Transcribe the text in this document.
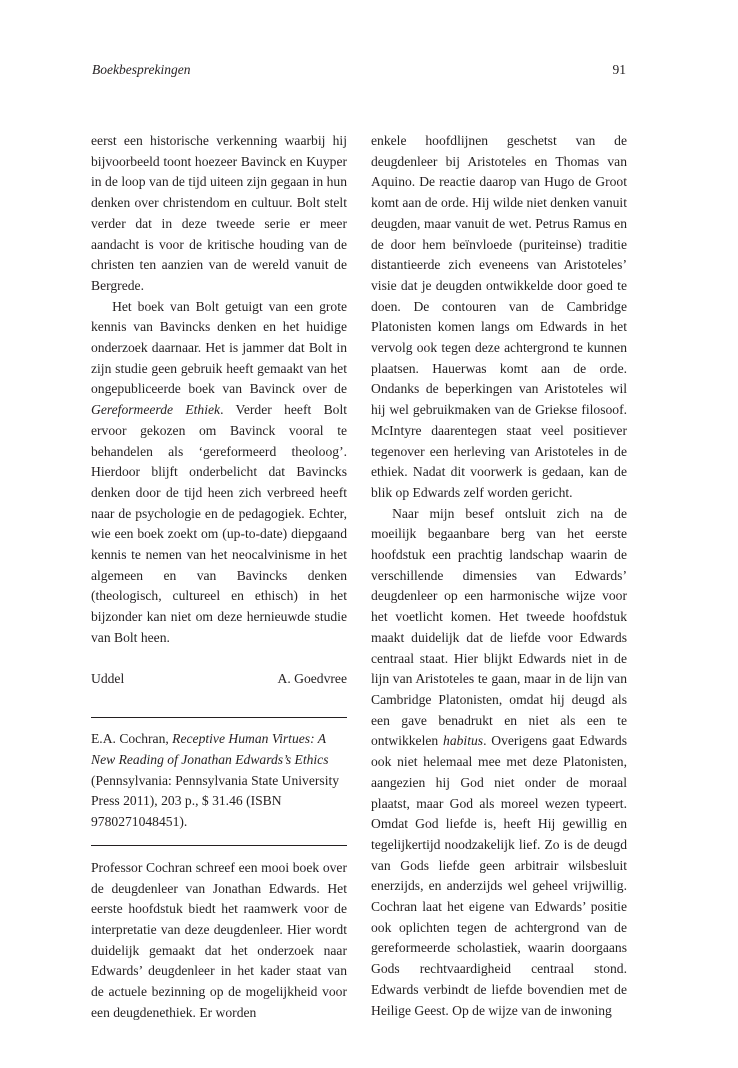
Boekbesprekingen	91

eerst een historische verkenning waarbij hij bijvoorbeeld toont hoezeer Bavinck en Kuyper in de loop van de tijd uiteen zijn gegaan in hun denken over christendom en cultuur. Bolt stelt verder dat in deze tweede serie er meer aandacht is voor de kritische houding van de christen ten aanzien van de wereld vanuit de Bergrede.

Het boek van Bolt getuigt van een grote kennis van Bavincks denken en het huidige onderzoek daarnaar. Het is jammer dat Bolt in zijn studie geen gebruik heeft gemaakt van het ongepubliceerde boek van Bavinck over de Gereformeerde Ethiek. Verder heeft Bolt ervoor gekozen om Bavinck vooral te behandelen als ‘gereformeerd theoloog’. Hierdoor blijft onderbelicht dat Bavincks denken door de tijd heen zich verbreed heeft naar de psychologie en de pedagogiek. Echter, wie een boek zoekt om (up-to-date) diepgaand kennis te nemen van het neocalvinisme in het algemeen en van Bavincks denken (theologisch, cultureel en ethisch) in het bijzonder kan niet om deze hernieuwde studie van Bolt heen.

Uddel	A. Goedvree
E.A. Cochran, Receptive Human Virtues: A New Reading of Jonathan Edwards’s Ethics (Pennsylvania: Pennsylvania State University Press 2011), 203 p., $ 31.46 (ISBN 9780271048451).

Professor Cochran schreef een mooi boek over de deugdenleer van Jonathan Edwards. Het eerste hoofdstuk biedt het raamwerk voor de interpretatie van deze deugdenleer. Hier wordt duidelijk gemaakt dat het onderzoek naar Edwards’ deugdenleer in het kader staat van de actuele bezinning op de mogelijkheid voor een deugdenethiek. Er worden

enkele hoofdlijnen geschetst van de deugdenleer bij Aristoteles en Thomas van Aquino. De reactie daarop van Hugo de Groot komt aan de orde. Hij wilde niet denken vanuit deugden, maar vanuit de wet. Petrus Ramus en de door hem beïnvloede (puriteinse) traditie distantieerde zich eveneens van Aristoteles’ visie dat je deugden ontwikkelde door goed te doen. De contouren van de Cambridge Platonisten komen langs om Edwards in het vervolg ook tegen deze achtergrond te kunnen plaatsen. Hauerwas komt aan de orde. Ondanks de beperkingen van Aristoteles wil hij wel gebruikmaken van de Griekse filosoof. McIntyre daarentegen staat veel positiever tegenover een herleving van Aristoteles in de ethiek. Nadat dit voorwerk is gedaan, kan de blik op Edwards zelf worden gericht.

Naar mijn besef ontsluit zich na de moeilijk begaanbare berg van het eerste hoofdstuk een prachtig landschap waarin de verschillende dimensies van Edwards’ deugdenleer op een harmonische wijze voor het voetlicht komen. Het tweede hoofdstuk maakt duidelijk dat de liefde voor Edwards centraal staat. Hier blijkt Edwards niet in de lijn van Aristoteles te gaan, maar in de lijn van Cambridge Platonisten, omdat hij deugd als een gave benadrukt en niet als een te ontwikkelen habitus. Overigens gaat Edwards ook niet helemaal mee met deze Platonisten, aangezien hij God niet onder de moraal plaatst, maar God als moreel wezen typeert. Omdat God liefde is, heeft Hij gewillig en tegelijkertijd noodzakelijk lief. Zo is de deugd van Gods liefde geen arbitrair wilsbesluit enerzijds, en anderzijds wel geheel vrijwillig. Cochran laat het eigene van Edwards’ positie ook oplichten tegen de achtergrond van de gereformeerde scholastiek, waarin doorgaans Gods rechtvaardigheid centraal stond. Edwards verbindt de liefde bovendien met de Heilige Geest. Op de wijze van de inwoning
